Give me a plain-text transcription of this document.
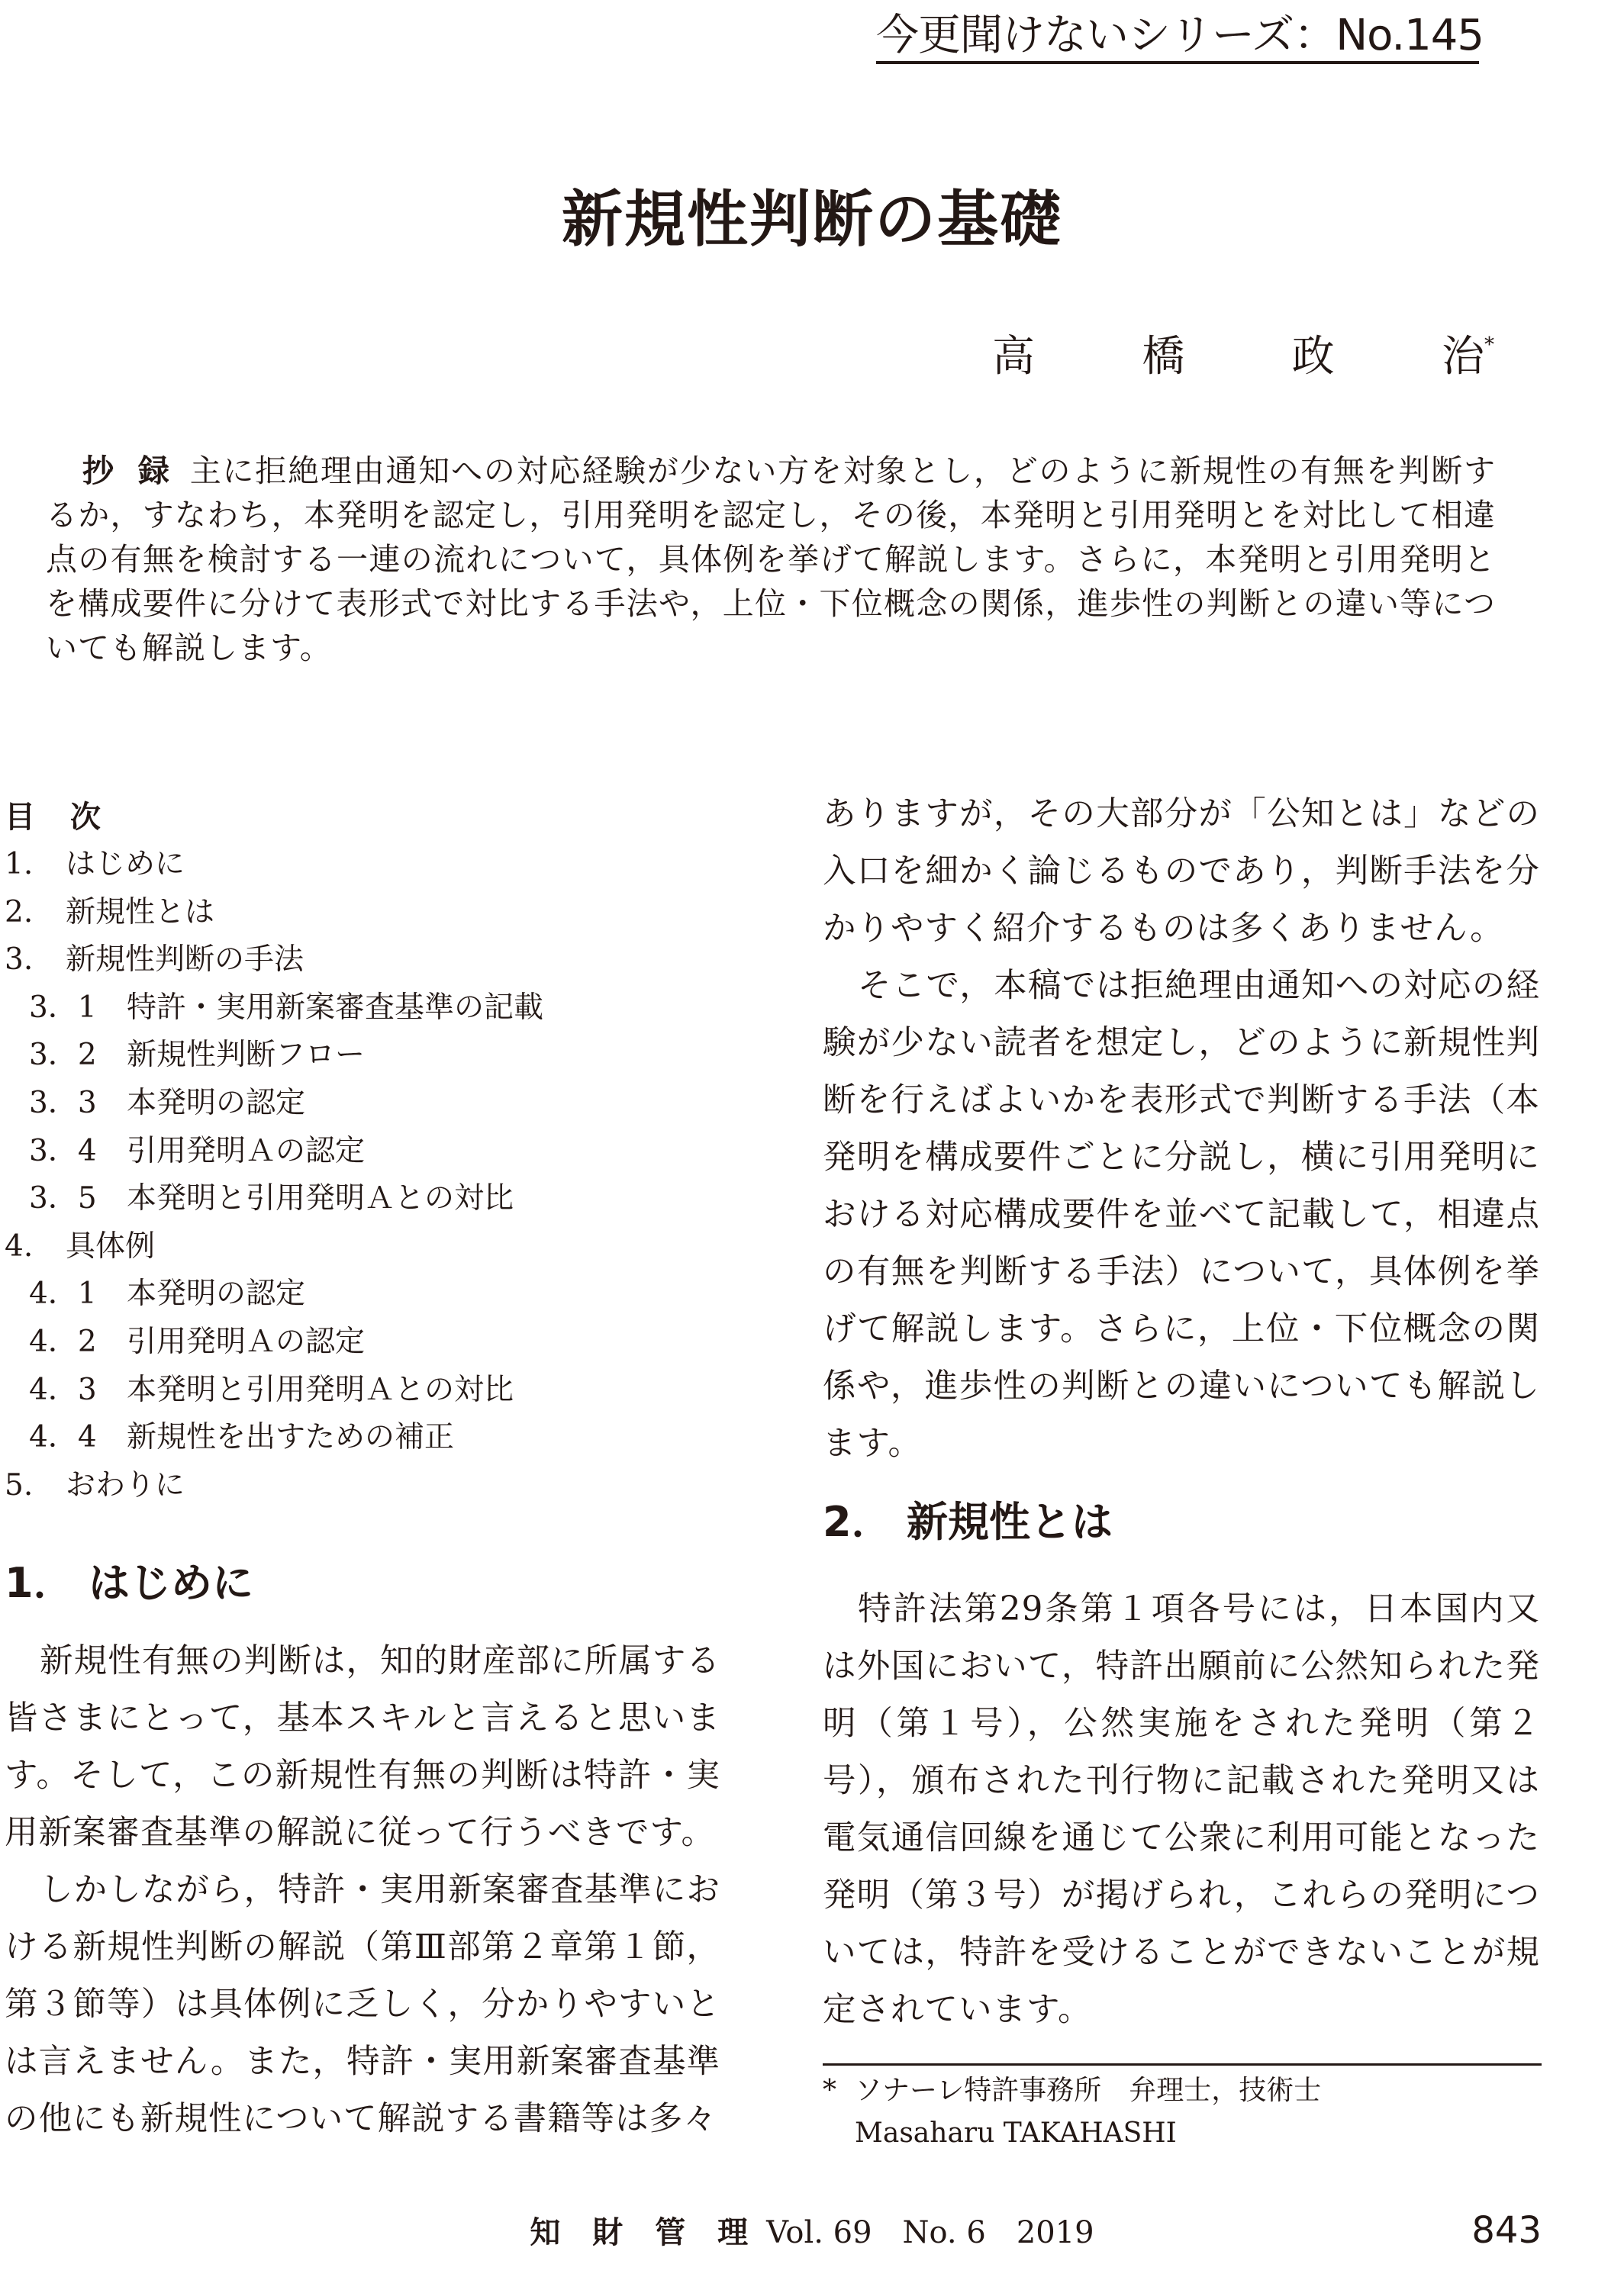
今更聞けないシリーズ：No.145
新規性判断の基礎
高	橋	政	治*
抄 録 主に拒絶理由通知への対応経験が少ない方を対象とし，どのように新規性の有無を判断するか，すなわち，本発明を認定し，引用発明を認定し，その後，本発明と引用発明とを対比して相違点の有無を検討する一連の流れについて，具体例を挙げて解説します。さらに，本発明と引用発明とを構成要件に分けて表形式で対比する手法や，上位・下位概念の関係，進歩性の判断との違い等についても解説します。
目 次
1. はじめに
2. 新規性とは
3. 新規性判断の手法
3．1 特許・実用新案審査基準の記載
3．2 新規性判断フロー
3．3 本発明の認定
3．4 引用発明Ａの認定
3．5 本発明と引用発明Ａとの対比
4. 具体例
4．1 本発明の認定
4．2 引用発明Ａの認定
4．3 本発明と引用発明Ａとの対比
4．4 新規性を出すための補正
5. おわりに
1． はじめに

新規性有無の判断は，知的財産部に所属する皆さまにとって，基本スキルと言えると思います。そして，この新規性有無の判断は特許・実用新案審査基準の解説に従って行うべきです。

しかしながら，特許・実用新案審査基準における新規性判断の解説（第Ⅲ部第２章第１節，第３節等）は具体例に乏しく，分かりやすいとは言えません。また，特許・実用新案審査基準の他にも新規性について解説する書籍等は多々

ありますが，その大部分が「公知とは」などの入口を細かく論じるものであり，判断手法を分かりやすく紹介するものは多くありません。

そこで，本稿では拒絶理由通知への対応の経験が少ない読者を想定し，どのように新規性判断を行えばよいかを表形式で判断する手法（本発明を構成要件ごとに分説し，横に引用発明における対応構成要件を並べて記載して，相違点の有無を判断する手法）について，具体例を挙げて解説します。さらに，上位・下位概念の関係や，進歩性の判断との違いについても解説します。

2． 新規性とは

特許法第29条第１項各号には，日本国内又は外国において，特許出願前に公然知られた発明（第１号），公然実施をされた発明（第２号），頒布された刊行物に記載された発明又は電気通信回線を通じて公衆に利用可能となった発明（第３号）が掲げられ，これらの発明については，特許を受けることができないことが規定されています。

* ソナーレ特許事務所　弁理士，技術士
Masaharu TAKAHASHI
知 財 管 理 Vol. 69　No. 6　2019	843
